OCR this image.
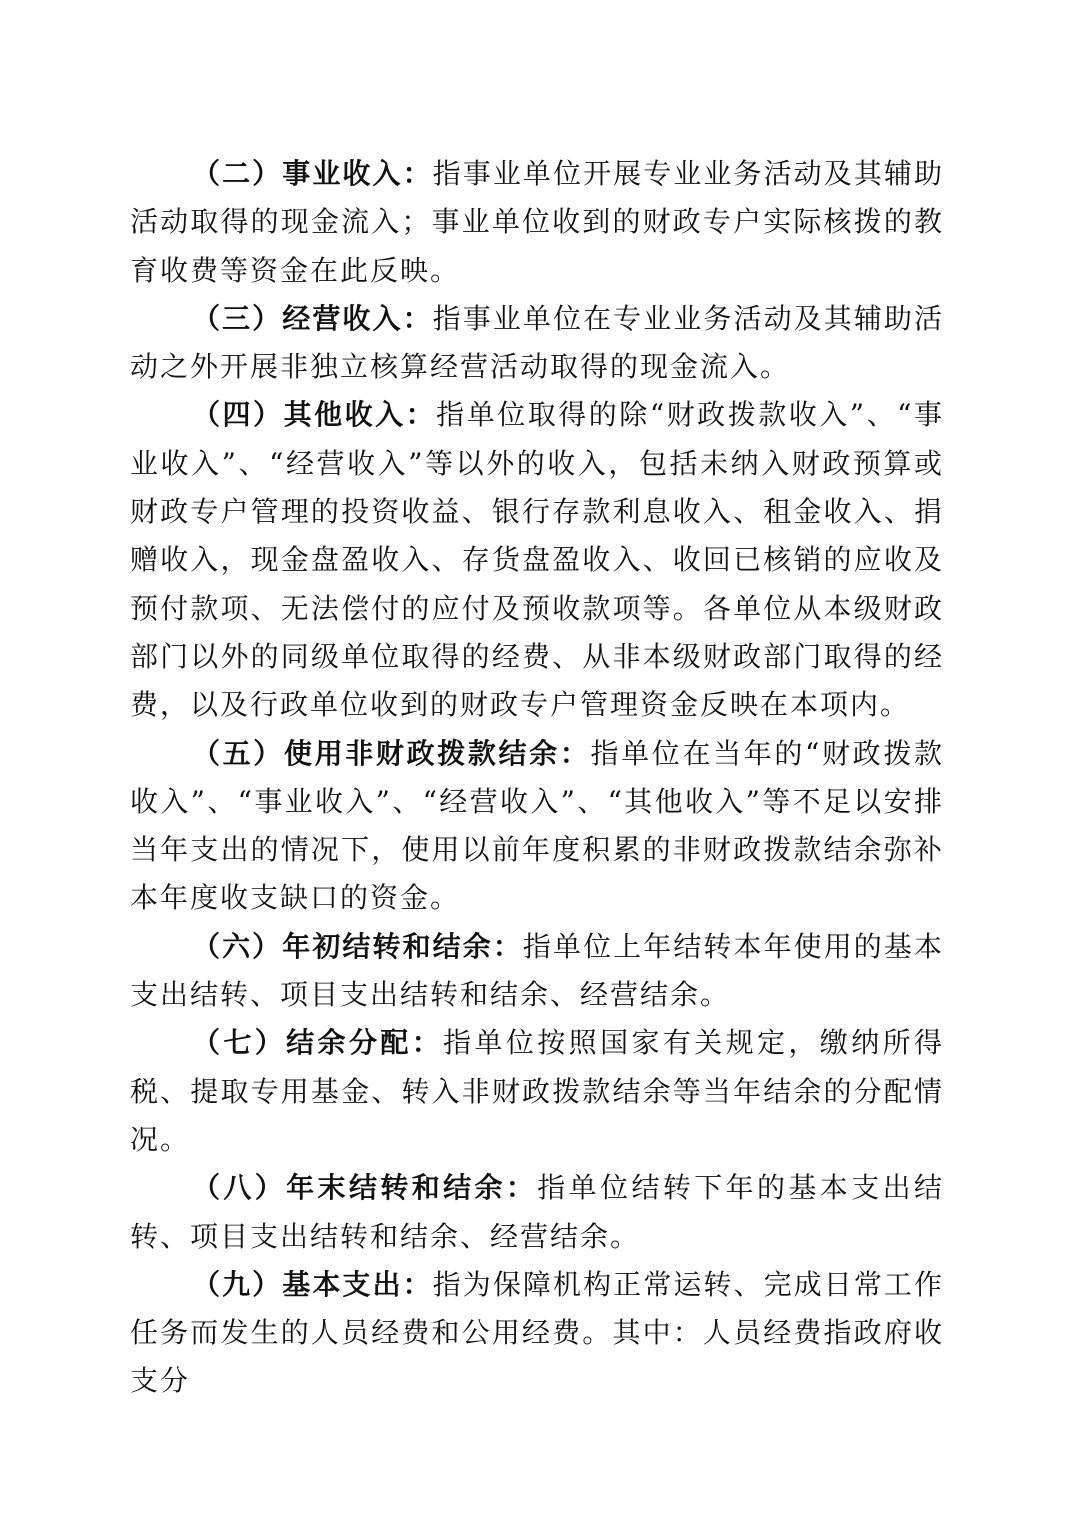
（二）事业收入：指事业单位开展专业业务活动及其辅助活动取得的现金流入；事业单位收到的财政专户实际核拨的教育收费等资金在此反映。

（三）经营收入：指事业单位在专业业务活动及其辅助活动之外开展非独立核算经营活动取得的现金流入。

（四）其他收入：指单位取得的除“财政拨款收入”、“事业收入”、“经营收入”等以外的收入，包括未纳入财政预算或财政专户管理的投资收益、银行存款利息收入、租金收入、捐赠收入，现金盘盈收入、存货盘盈收入、收回已核销的应收及预付款项、无法偿付的应付及预收款项等。各单位从本级财政部门以外的同级单位取得的经费、从非本级财政部门取得的经费，以及行政单位收到的财政专户管理资金反映在本项内。

（五）使用非财政拨款结余：指单位在当年的“财政拨款收入”、“事业收入”、“经营收入”、“其他收入”等不足以安排当年支出的情况下，使用以前年度积累的非财政拨款结余弥补本年度收支缺口的资金。

（六）年初结转和结余：指单位上年结转本年使用的基本支出结转、项目支出结转和结余、经营结余。

（七）结余分配：指单位按照国家有关规定，缴纳所得税、提取专用基金、转入非财政拨款结余等当年结余的分配情况。

（八）年末结转和结余：指单位结转下年的基本支出结转、项目支出结转和结余、经营结余。

（九）基本支出：指为保障机构正常运转、完成日常工作任务而发生的人员经费和公用经费。其中：人员经费指政府收支分
